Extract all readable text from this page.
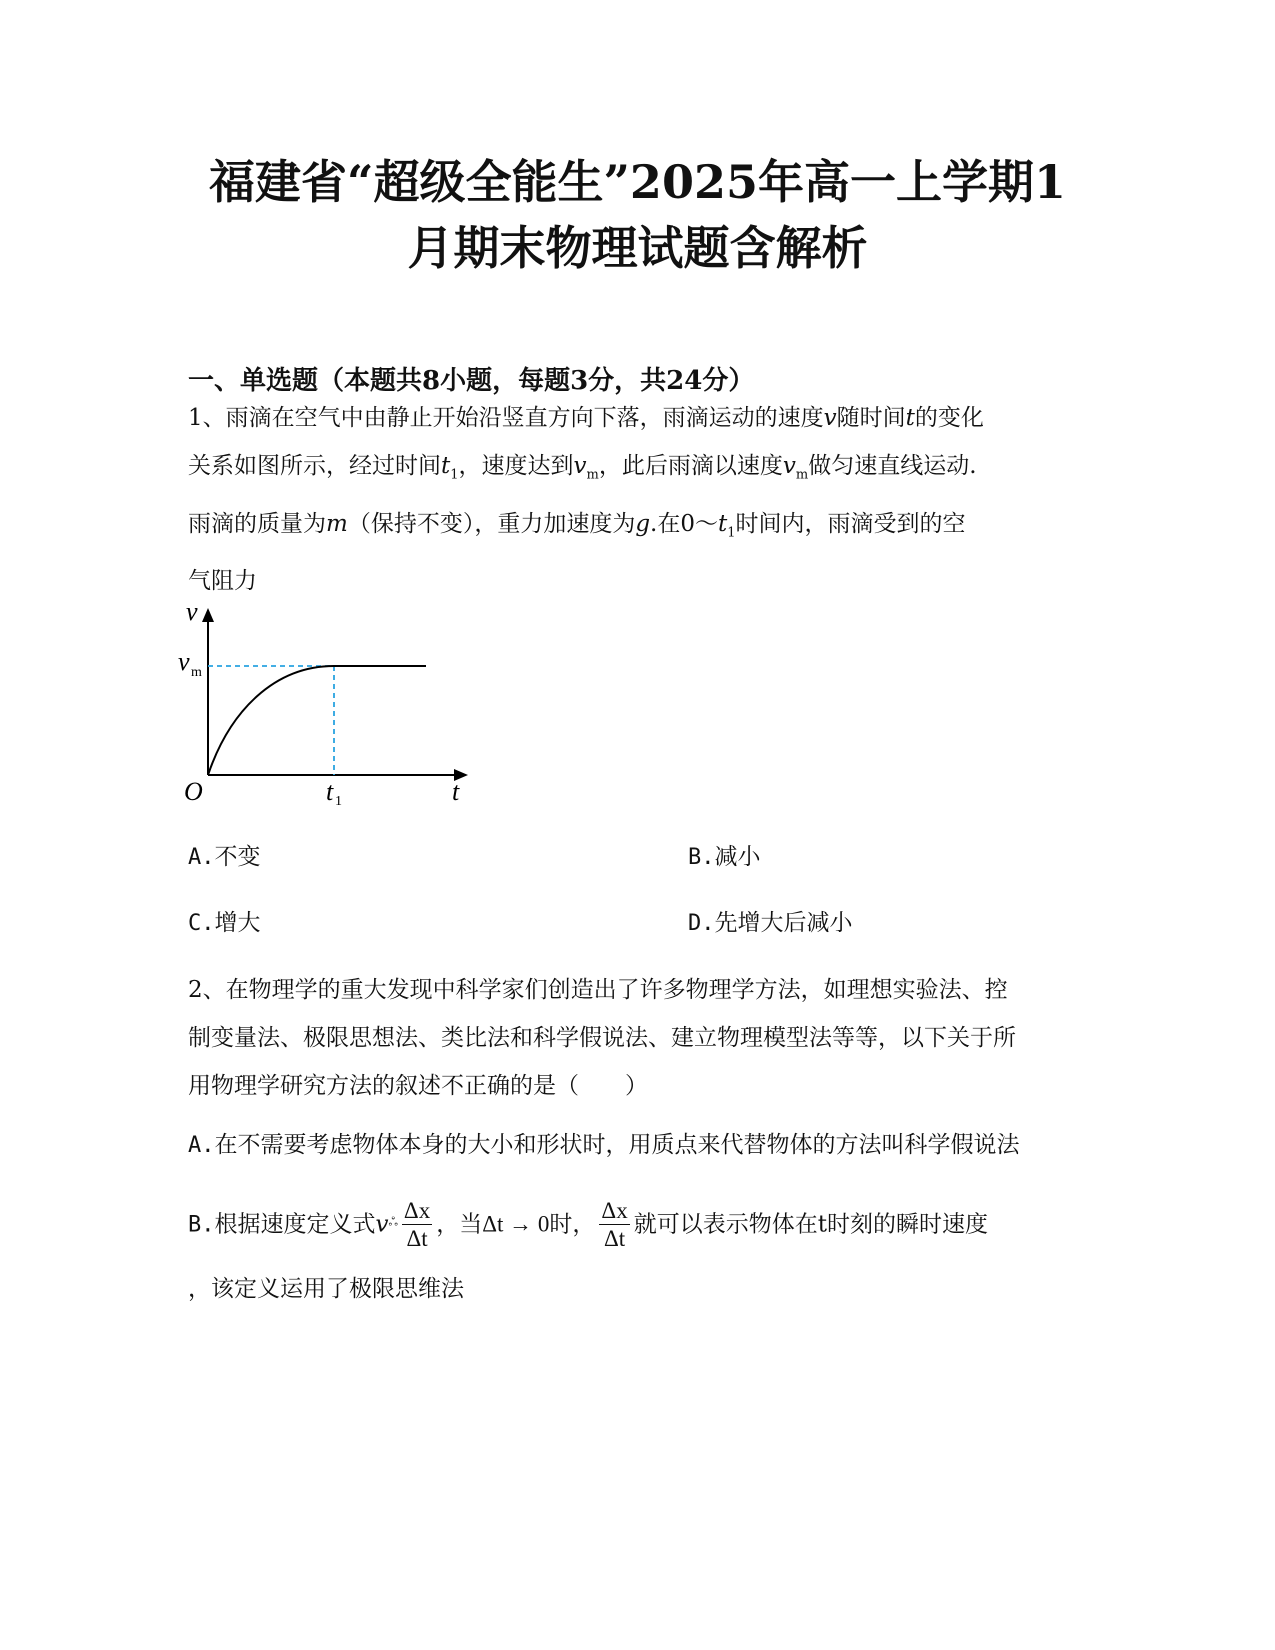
福建省“超级全能生”2025年高一上学期1
月期末物理试题含解析
一、单选题（本题共8小题，每题3分，共24分）
1、雨滴在空气中由静止开始沿竖直方向下落，雨滴运动的速度v随时间t的变化
关系如图所示，经过时间$t_1$，速度达到$v_m$，此后雨滴以速度$v_m$做匀速直线运动.
雨滴的质量为m（保持不变），重力加速度为g.在$0\sim t_1$时间内，雨滴受到的空
气阻力
v
v m
O	t 1	t
A.不变	B.减小
C.增大	D.先增大后减小
2、在物理学的重大发现中科学家们创造出了许多物理学方法，如理想实验法、控
制变量法、极限思想法、类比法和科学假说法、建立物理模型法等等，以下关于所
用物理学研究方法的叙述不正确的是（　　）
A.在不需要考虑物体本身的大小和形状时，用质点来代替物体的方法叫科学假说法
B.根据速度定义式$v^ஃ \frac{\Delta x}{\Delta t}$ ，当Δt → 0时， $\frac{\Delta x}{\Delta t}$ 就可以表示物体在t时刻的瞬时速度
，该定义运用了极限思维法
